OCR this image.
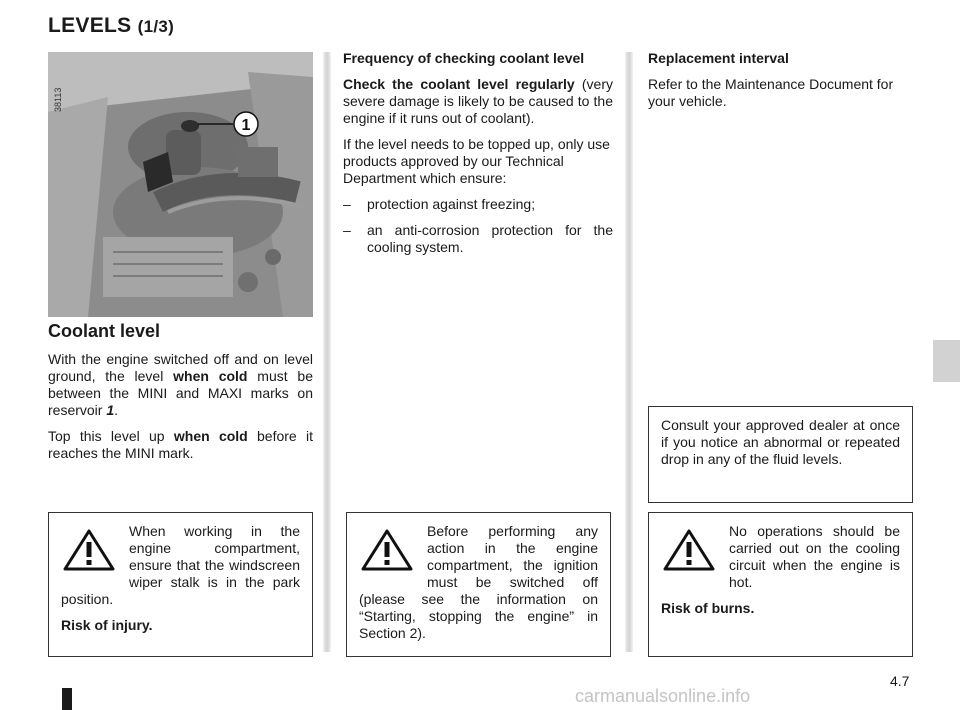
LEVELS (1/3)
1
38113
Coolant level

With the engine switched off and on level ground, the level when cold must be between the MINI and MAXI marks on reservoir 1.

Top this level up when cold before it reaches the MINI mark.

Frequency of checking coolant level

Check the coolant level regularly (very severe damage is likely to be caused to the engine if it runs out of coolant).

If the level needs to be topped up, only use products approved by our Technical Department which ensure:

–	protection against freezing;
–	an anti-corrosion protection for the cooling system.

Replacement interval

Refer to the Maintenance Document for your vehicle.

Consult your approved dealer at once if you notice an abnormal or repeated drop in any of the fluid levels.

When working in the engine compartment, ensure that the windscreen wiper stalk is in the park position.

Risk of injury.

Before performing any action in the engine compartment, the ignition must be switched off (please see the information on “Starting, stopping the engine” in Section 2).

No operations should be carried out on the cooling circuit when the engine is hot.

Risk of burns.

4.7
carmanualsonline.info
